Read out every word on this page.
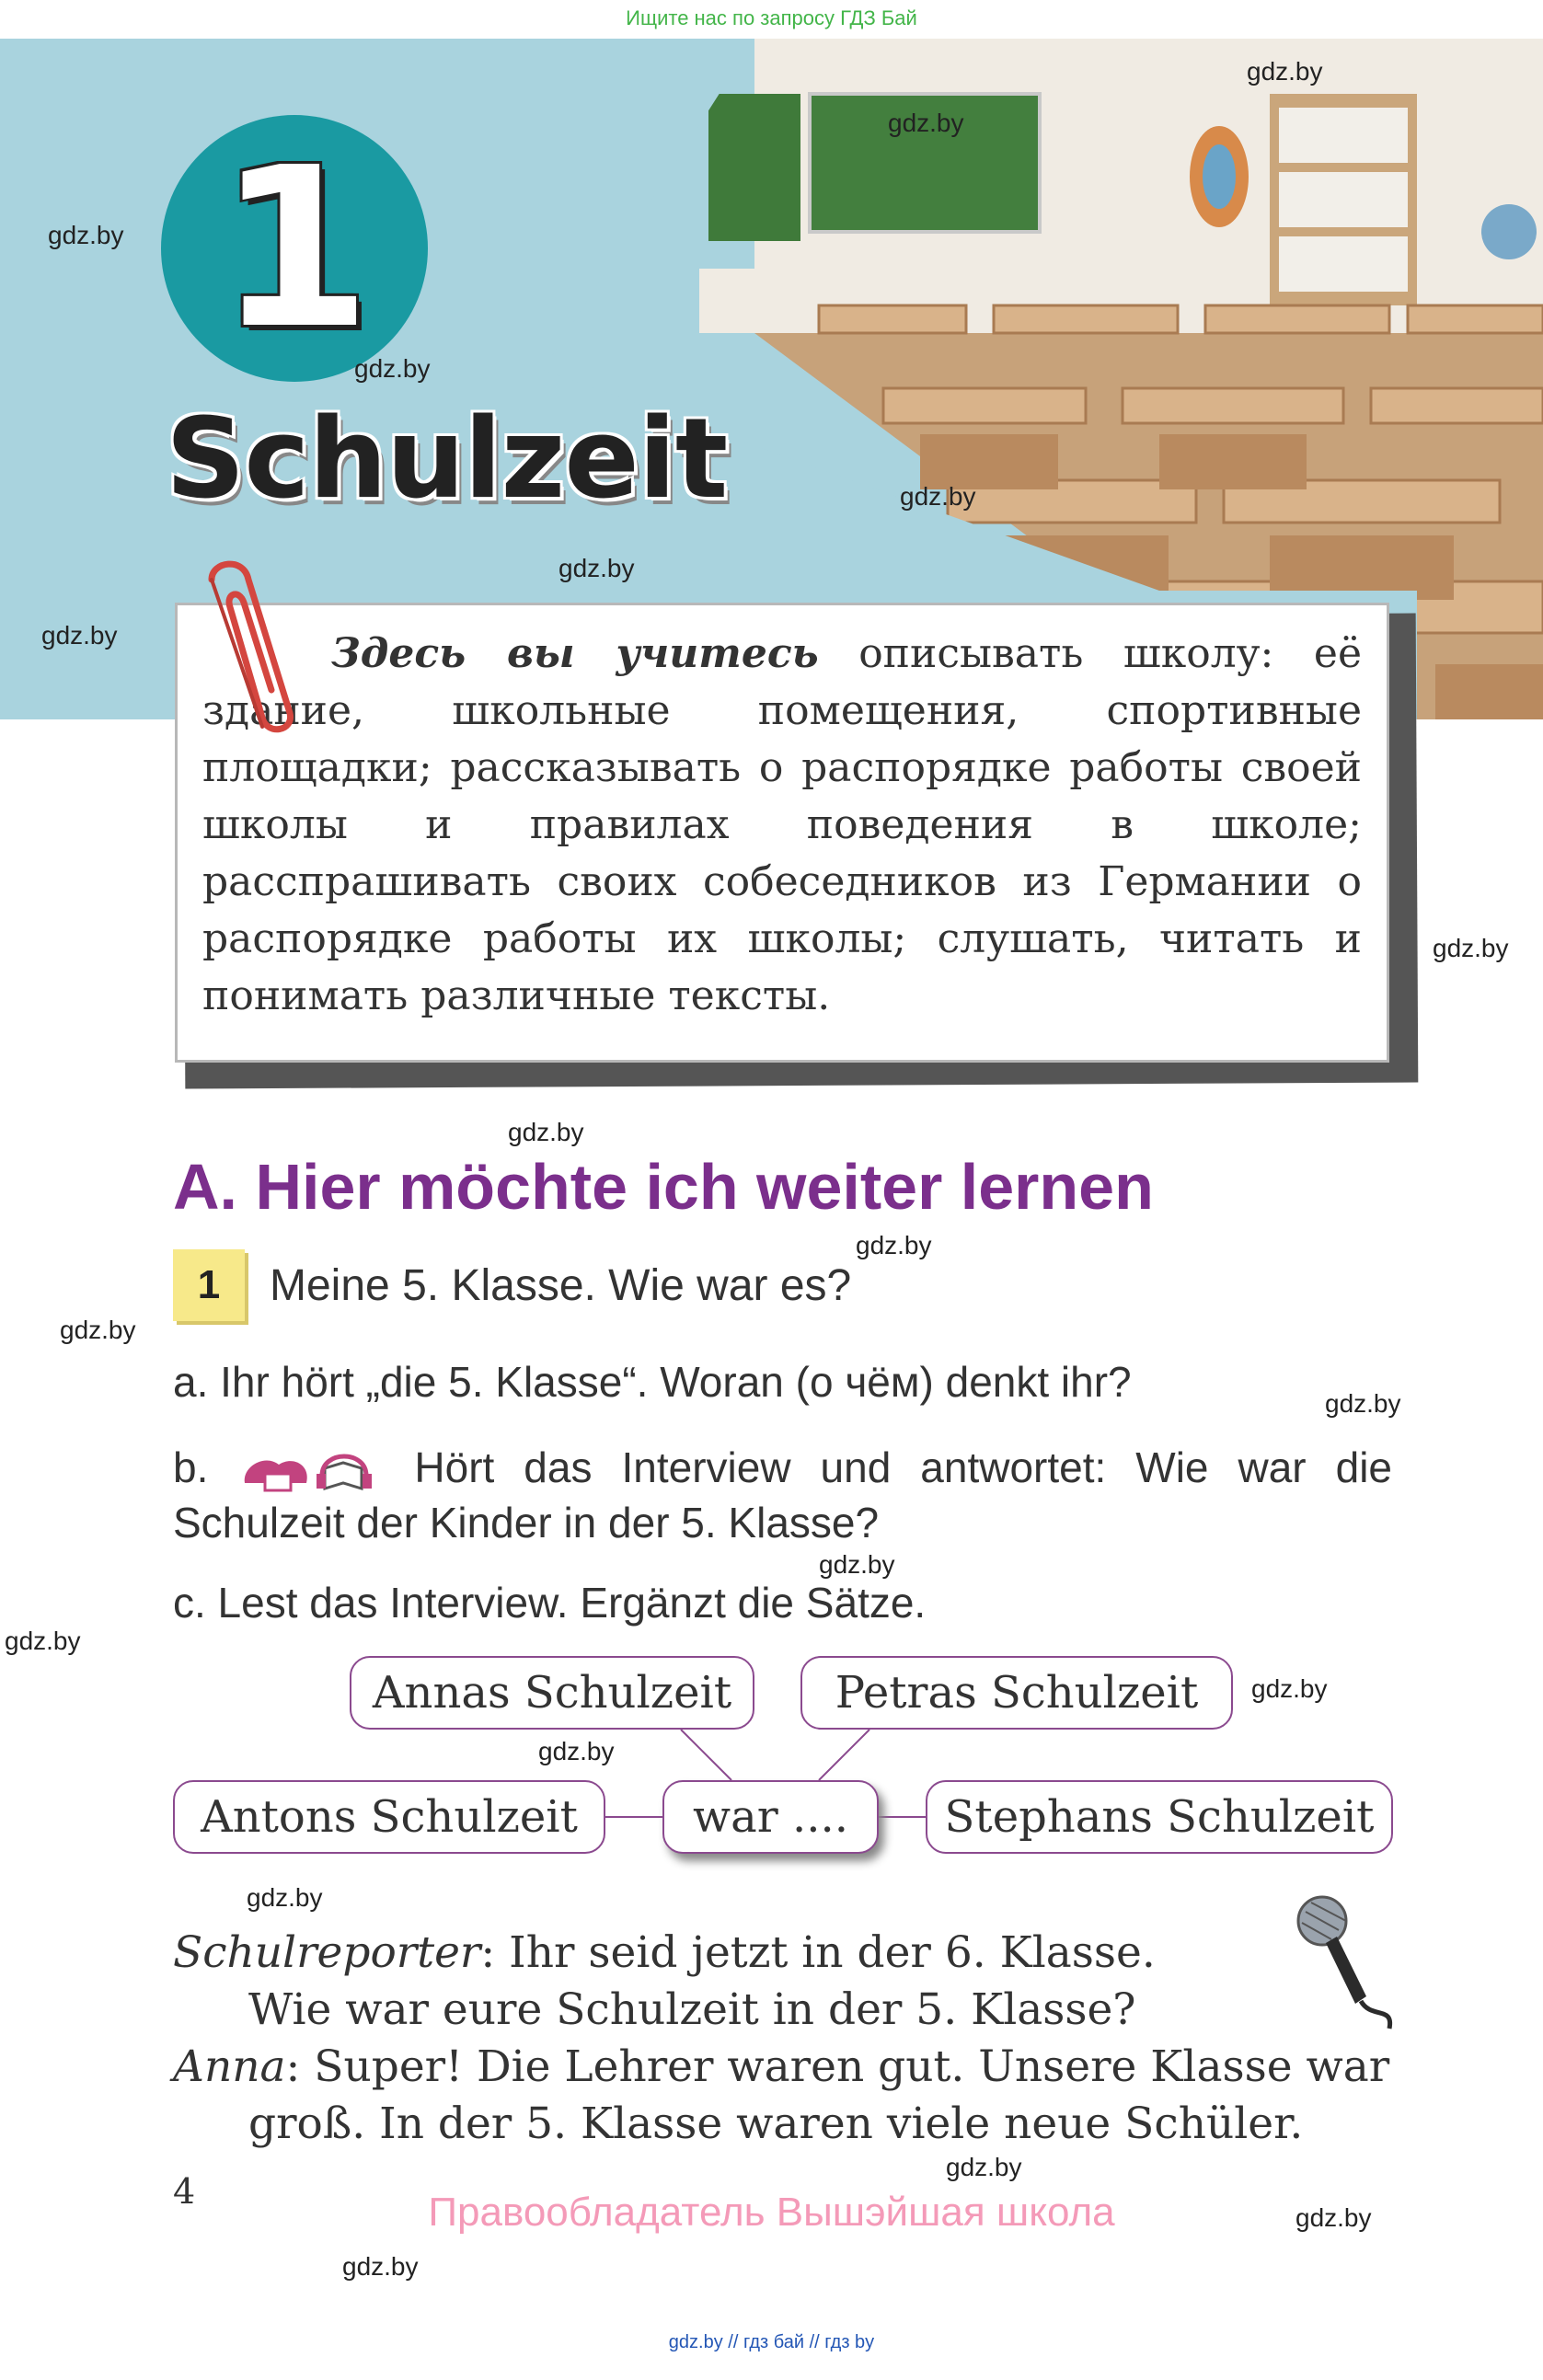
Ищите нас по запросу ГДЗ Бай
1
Schulzeit
Здесь вы учитесь описывать школу: её здание, школьные помещения, спортивные площадки; рассказывать о распорядке работы своей школы и правилах поведения в школе; расспрашивать своих собеседников из Германии о распорядке работы их школы; слушать, читать и понимать различные тексты.
A. Hier möchte ich weiter lernen
1 Meine 5. Klasse. Wie war es?
a. Ihr hört „die 5. Klasse“. Woran (о чём) denkt ihr?
b.	Hört das Interview und antwortet: Wie war die Schulzeit der Kinder in der 5. Klasse?
c. Lest das Interview. Ergänzt die Sätze.
Annas Schulzeit	Petras Schulzeit
Antons Schulzeit	war ....	Stephans Schulzeit
Schulreporter: Ihr seid jetzt in der 6. Klasse.
Wie war eure Schulzeit in der 5. Klasse?
Anna: Super! Die Lehrer waren gut. Unsere Klasse war
groß. In der 5. Klasse waren viele neue Schüler.
4	Правообладатель Вышэйшая школа
gdz.by // гдз бай // гдз by
gdz.by
gdz.by
gdz.by
gdz.by
gdz.by
gdz.by
gdz.by
gdz.by
gdz.by
gdz.by
gdz.by
gdz.by
gdz.by
gdz.by
gdz.by
gdz.by
gdz.by
gdz.by
gdz.by
gdz.by
